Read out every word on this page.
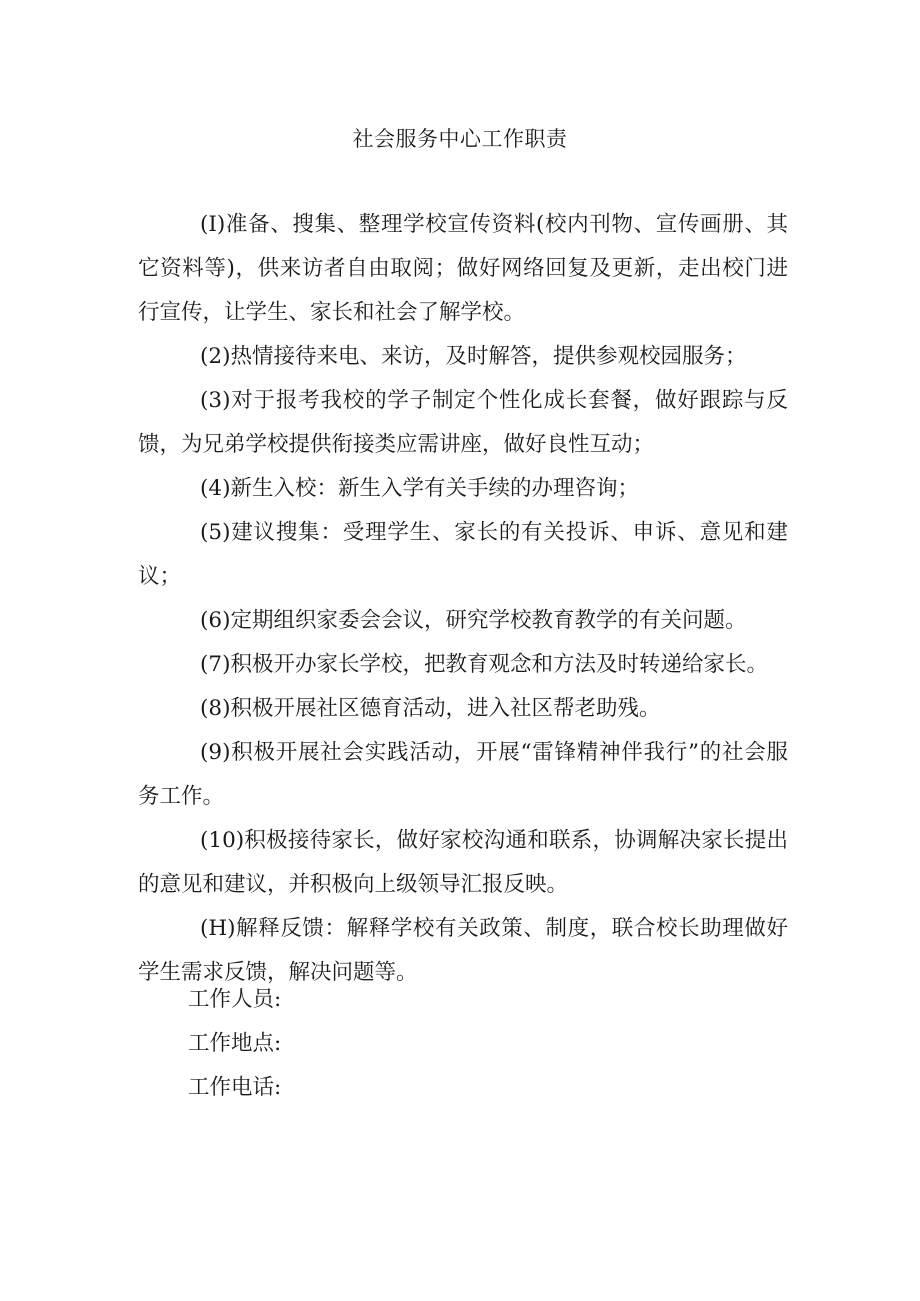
社会服务中心工作职责

(I)准备、搜集、整理学校宣传资料(校内刊物、宣传画册、其它资料等)，供来访者自由取阅；做好网络回复及更新，走出校门进行宣传，让学生、家长和社会了解学校。

(2)热情接待来电、来访，及时解答，提供参观校园服务；

(3)对于报考我校的学子制定个性化成长套餐，做好跟踪与反馈，为兄弟学校提供衔接类应需讲座，做好良性互动；

(4)新生入校：新生入学有关手续的办理咨询；

(5)建议搜集：受理学生、家长的有关投诉、申诉、意见和建议；

(6)定期组织家委会会议，研究学校教育教学的有关问题。

(7)积极开办家长学校，把教育观念和方法及时转递给家长。

(8)积极开展社区德育活动，进入社区帮老助残。

(9)积极开展社会实践活动，开展“雷锋精神伴我行”的社会服务工作。

(10)积极接待家长，做好家校沟通和联系，协调解决家长提出的意见和建议，并积极向上级领导汇报反映。

(H)解释反馈：解释学校有关政策、制度，联合校长助理做好学生需求反馈，解决问题等。

工作人员:
工作地点:
工作电话:
